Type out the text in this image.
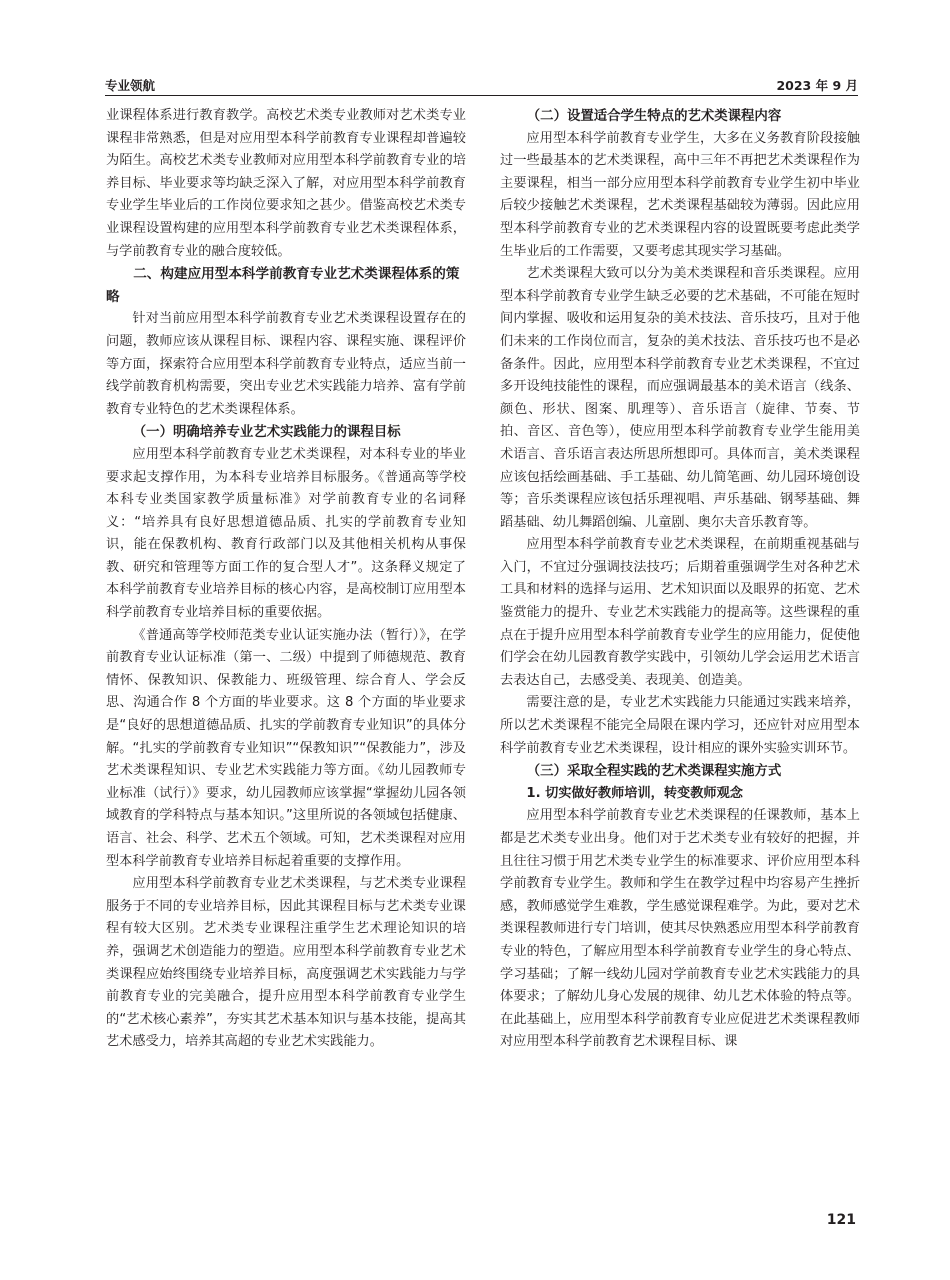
专业领航	2023 年 9 月

业课程体系进行教育教学。高校艺术类专业教师对艺术类专业课程非常熟悉，但是对应用型本科学前教育专业课程却普遍较为陌生。高校艺术类专业教师对应用型本科学前教育专业的培养目标、毕业要求等均缺乏深入了解，对应用型本科学前教育专业学生毕业后的工作岗位要求知之甚少。借鉴高校艺术类专业课程设置构建的应用型本科学前教育专业艺术类课程体系，与学前教育专业的融合度较低。

二、构建应用型本科学前教育专业艺术类课程体系的策略

针对当前应用型本科学前教育专业艺术类课程设置存在的问题，教师应该从课程目标、课程内容、课程实施、课程评价等方面，探索符合应用型本科学前教育专业特点，适应当前一线学前教育机构需要，突出专业艺术实践能力培养、富有学前教育专业特色的艺术类课程体系。

（一）明确培养专业艺术实践能力的课程目标

应用型本科学前教育专业艺术类课程，对本科专业的毕业要求起支撑作用，为本科专业培养目标服务。《普通高等学校本科专业类国家教学质量标准》对学前教育专业的名词释义：“培养具有良好思想道德品质、扎实的学前教育专业知识，能在保教机构、教育行政部门以及其他相关机构从事保教、研究和管理等方面工作的复合型人才”。这条释义规定了本科学前教育专业培养目标的核心内容，是高校制订应用型本科学前教育专业培养目标的重要依据。

《普通高等学校师范类专业认证实施办法（暂行）》，在学前教育专业认证标准（第一、二级）中提到了师德规范、教育情怀、保教知识、保教能力、班级管理、综合育人、学会反思、沟通合作 8 个方面的毕业要求。这 8 个方面的毕业要求是“良好的思想道德品质、扎实的学前教育专业知识”的具体分解。“扎实的学前教育专业知识”“保教知识”“保教能力”，涉及艺术类课程知识、专业艺术实践能力等方面。《幼儿园教师专业标准（试行）》要求，幼儿园教师应该掌握“掌握幼儿园各领域教育的学科特点与基本知识。”这里所说的各领域包括健康、语言、社会、科学、艺术五个领域。可知，艺术类课程对应用型本科学前教育专业培养目标起着重要的支撑作用。

应用型本科学前教育专业艺术类课程，与艺术类专业课程服务于不同的专业培养目标，因此其课程目标与艺术类专业课程有较大区别。艺术类专业课程注重学生艺术理论知识的培养，强调艺术创造能力的塑造。应用型本科学前教育专业艺术类课程应始终围绕专业培养目标，高度强调艺术实践能力与学前教育专业的完美融合，提升应用型本科学前教育专业学生的“艺术核心素养”，夯实其艺术基本知识与基本技能，提高其艺术感受力，培养其高超的专业艺术实践能力。

（二）设置适合学生特点的艺术类课程内容

应用型本科学前教育专业学生，大多在义务教育阶段接触过一些最基本的艺术类课程，高中三年不再把艺术类课程作为主要课程，相当一部分应用型本科学前教育专业学生初中毕业后较少接触艺术类课程，艺术类课程基础较为薄弱。因此应用型本科学前教育专业的艺术类课程内容的设置既要考虑此类学生毕业后的工作需要，又要考虑其现实学习基础。

艺术类课程大致可以分为美术类课程和音乐类课程。应用型本科学前教育专业学生缺乏必要的艺术基础，不可能在短时间内掌握、吸收和运用复杂的美术技法、音乐技巧，且对于他们未来的工作岗位而言，复杂的美术技法、音乐技巧也不是必备条件。因此，应用型本科学前教育专业艺术类课程，不宜过多开设纯技能性的课程，而应强调最基本的美术语言（线条、颜色、形状、图案、肌理等）、音乐语言（旋律、节奏、节拍、音区、音色等），使应用型本科学前教育专业学生能用美术语言、音乐语言表达所思所想即可。具体而言，美术类课程应该包括绘画基础、手工基础、幼儿简笔画、幼儿园环境创设等；音乐类课程应该包括乐理视唱、声乐基础、钢琴基础、舞蹈基础、幼儿舞蹈创编、儿童剧、奥尔夫音乐教育等。

应用型本科学前教育专业艺术类课程，在前期重视基础与入门，不宜过分强调技法技巧；后期着重强调学生对各种艺术工具和材料的选择与运用、艺术知识面以及眼界的拓宽、艺术鉴赏能力的提升、专业艺术实践能力的提高等。这些课程的重点在于提升应用型本科学前教育专业学生的应用能力，促使他们学会在幼儿园教育教学实践中，引领幼儿学会运用艺术语言去表达自己，去感受美、表现美、创造美。

需要注意的是，专业艺术实践能力只能通过实践来培养，所以艺术类课程不能完全局限在课内学习，还应针对应用型本科学前教育专业艺术类课程，设计相应的课外实验实训环节。

（三）采取全程实践的艺术类课程实施方式
1. 切实做好教师培训，转变教师观念

应用型本科学前教育专业艺术类课程的任课教师，基本上都是艺术类专业出身。他们对于艺术类专业有较好的把握，并且往往习惯于用艺术类专业学生的标准要求、评价应用型本科学前教育专业学生。教师和学生在教学过程中均容易产生挫折感，教师感觉学生难教，学生感觉课程难学。为此，要对艺术类课程教师进行专门培训，使其尽快熟悉应用型本科学前教育专业的特色，了解应用型本科学前教育专业学生的身心特点、学习基础；了解一线幼儿园对学前教育专业艺术实践能力的具体要求；了解幼儿身心发展的规律、幼儿艺术体验的特点等。在此基础上，应用型本科学前教育专业应促进艺术类课程教师对应用型本科学前教育艺术课程目标、课

121
